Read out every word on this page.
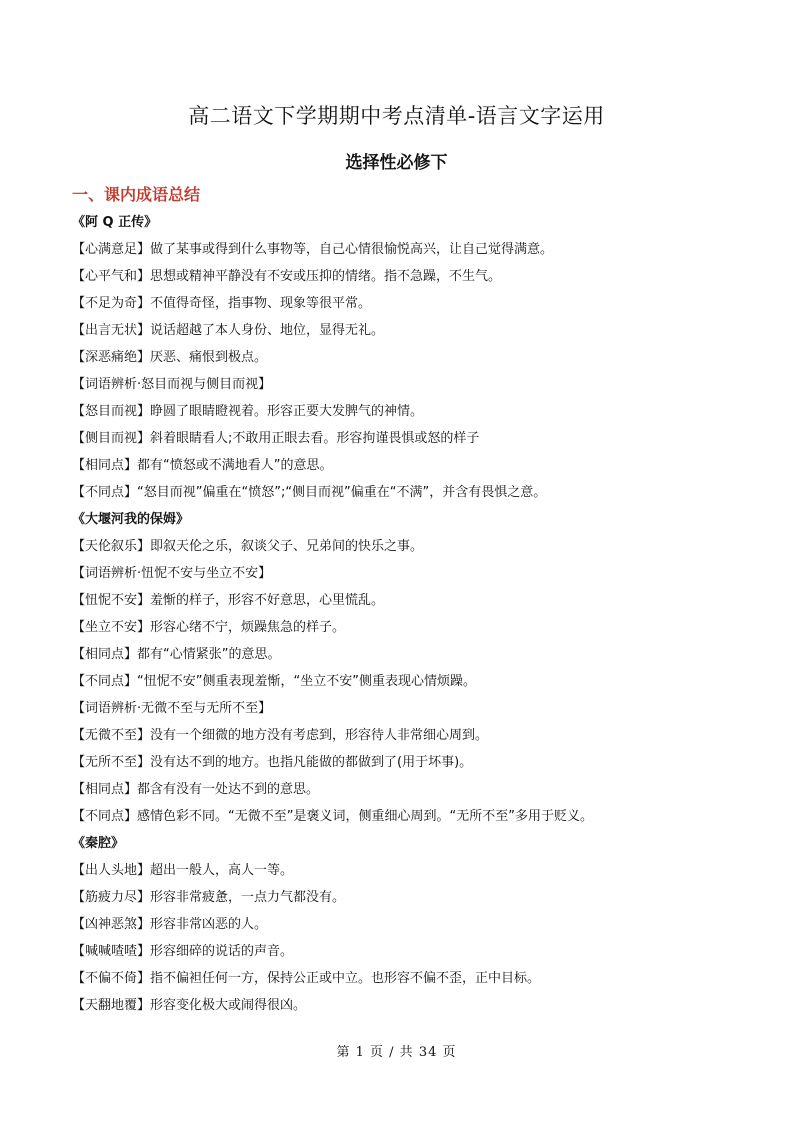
高二语文下学期期中考点清单-语言文字运用
选择性必修下
一、课内成语总结
《阿 Q 正传》
【心满意足】做了某事或得到什么事物等，自己心情很愉悦高兴，让自己觉得满意。
【心平气和】思想或精神平静没有不安或压抑的情绪。指不急躁，不生气。
【不足为奇】不值得奇怪，指事物、现象等很平常。
【出言无状】说话超越了本人身份、地位，显得无礼。
【深恶痛绝】厌恶、痛恨到极点。
【词语辨析·怒目而视与侧目而视】
【怒目而视】睁圆了眼睛瞪视着。形容正要大发脾气的神情。
【侧目而视】斜着眼睛看人;不敢用正眼去看。形容拘谨畏惧或怒的样子
【相同点】都有“愤怒或不满地看人”的意思。
【不同点】“怒目而视”偏重在“愤怒”;“侧目而视”偏重在“不满”，并含有畏惧之意。
《大堰河我的保姆》
【天伦叙乐】即叙天伦之乐，叙谈父子、兄弟间的快乐之事。
【词语辨析·忸怩不安与坐立不安】
【忸怩不安】羞惭的样子，形容不好意思，心里慌乱。
【坐立不安】形容心绪不宁，烦躁焦急的样子。
【相同点】都有“心情紧张”的意思。
【不同点】“忸怩不安”侧重表现羞惭，“坐立不安”侧重表现心情烦躁。
【词语辨析·无微不至与无所不至】
【无微不至】没有一个细微的地方没有考虑到，形容待人非常细心周到。
【无所不至】没有达不到的地方。也指凡能做的都做到了(用于坏事)。
【相同点】都含有没有一处达不到的意思。
【不同点】感情色彩不同。“无微不至”是褒义词，侧重细心周到。“无所不至”多用于贬义。
《秦腔》
【出人头地】超出一般人，高人一等。
【筋疲力尽】形容非常疲惫，一点力气都没有。
【凶神恶煞】形容非常凶恶的人。
【喊喊喳喳】形容细碎的说话的声音。
【不偏不倚】指不偏袒任何一方，保持公正或中立。也形容不偏不歪，正中目标。
【天翻地覆】形容变化极大或闹得很凶。
第 1 页 / 共 34 页
